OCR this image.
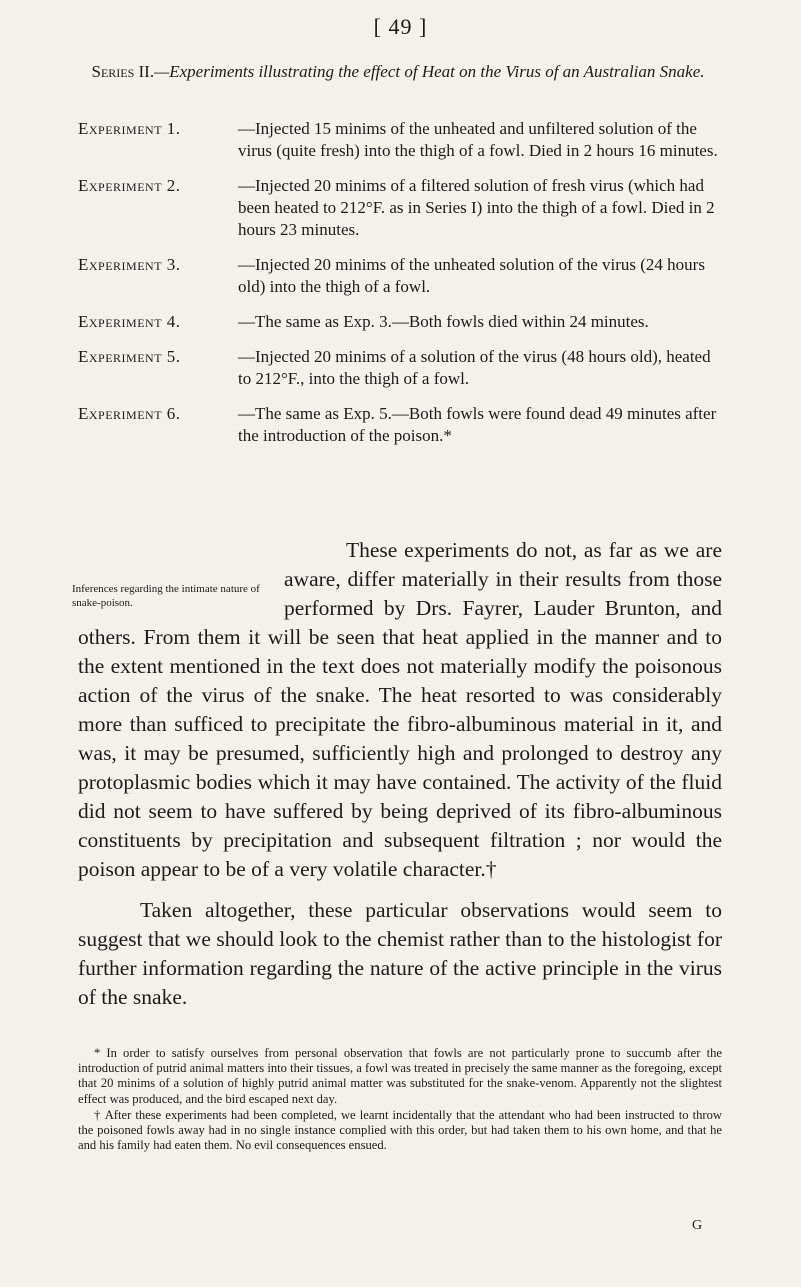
[ 49 ]
Series II.—Experiments illustrating the effect of Heat on the Virus of an Australian Snake.
Experiment 1.	—Injected 15 minims of the unheated and unfiltered solution of the virus (quite fresh) into the thigh of a fowl. Died in 2 hours 16 minutes.
Experiment 2.	—Injected 20 minims of a filtered solution of fresh virus (which had been heated to 212°F. as in Series I) into the thigh of a fowl. Died in 2 hours 23 minutes.
Experiment 3.	—Injected 20 minims of the unheated solution of the virus (24 hours old) into the thigh of a fowl.
Experiment 4.	—The same as Exp. 3.—Both fowls died within 24 minutes.
Experiment 5.	—Injected 20 minims of a solution of the virus (48 hours old), heated to 212°F., into the thigh of a fowl.
Experiment 6.	—The same as Exp. 5.—Both fowls were found dead 49 minutes after the introduction of the poison.*
Inferences regarding the intimate nature of snake-poison.

These experiments do not, as far as we are aware, differ materially in their results from those performed by Drs. Fayrer, Lauder Brunton, and others. From them it will be seen that heat applied in the manner and to the extent mentioned in the text does not materially modify the poisonous action of the virus of the snake. The heat resorted to was considerably more than sufficed to precipitate the fibro-albuminous material in it, and was, it may be presumed, sufficiently high and prolonged to destroy any protoplasmic bodies which it may have contained. The activity of the fluid did not seem to have suffered by being deprived of its fibro-albuminous constituents by precipitation and subsequent filtration ; nor would the poison appear to be of a very volatile character.†

Taken altogether, these particular observations would seem to suggest that we should look to the chemist rather than to the histologist for further information regarding the nature of the active principle in the virus of the snake.

* In order to satisfy ourselves from personal observation that fowls are not particularly prone to succumb after the introduction of putrid animal matters into their tissues, a fowl was treated in precisely the same manner as the foregoing, except that 20 minims of a solution of highly putrid animal matter was substituted for the snake-venom. Apparently not the slightest effect was produced, and the bird escaped next day.

† After these experiments had been completed, we learnt incidentally that the attendant who had been instructed to throw the poisoned fowls away had in no single instance complied with this order, but had taken them to his own home, and that he and his family had eaten them. No evil consequences ensued.

G
